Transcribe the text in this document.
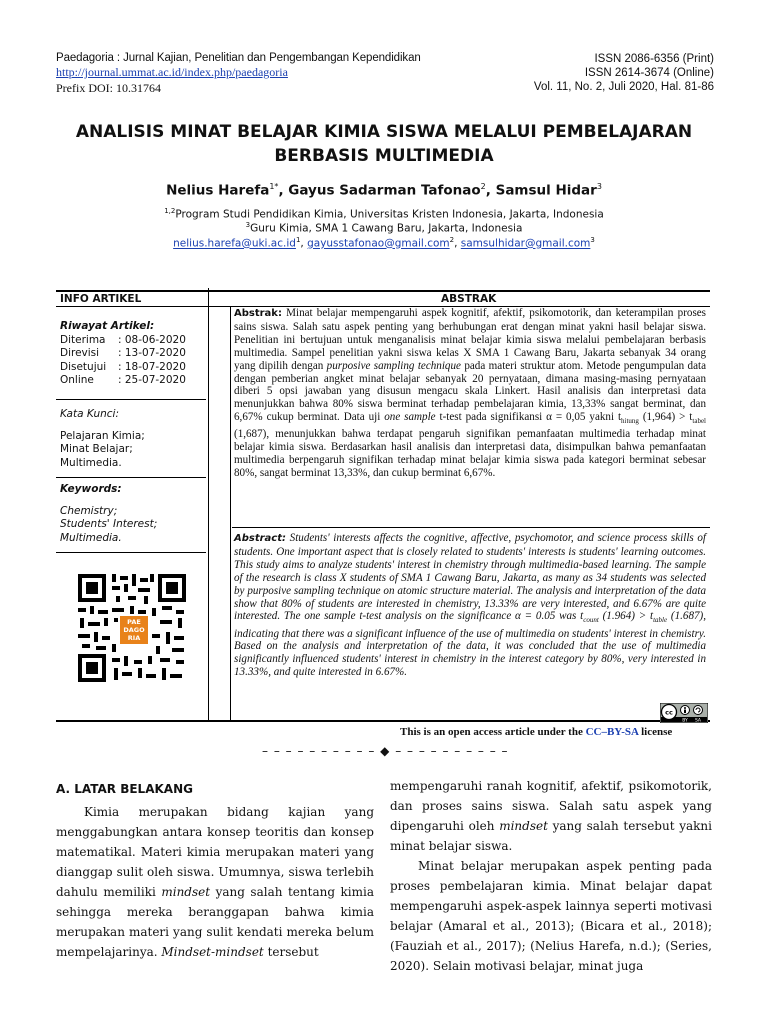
Paedagoria : Jurnal Kajian, Penelitian dan Pengembangan Kependidikan
http://journal.ummat.ac.id/index.php/paedagoria
Prefix DOI: 10.31764
ISSN 2086-6356 (Print)
ISSN 2614-3674 (Online)
Vol. 11, No. 2, Juli 2020, Hal. 81-86
ANALISIS MINAT BELAJAR KIMIA SISWA MELALUI PEMBELAJARAN
BERBASIS MULTIMEDIA
Nelius Harefa$^{1*}$, Gayus Sadarman Tafonao$^2$, Samsul Hidar$^3$
$^{1,2}$Program Studi Pendidikan Kimia, Universitas Kristen Indonesia, Jakarta, Indonesia
$^3$Guru Kimia, SMA 1 Cawang Baru, Jakarta, Indonesia
$nelius.harefa@uki.ac.id^1$, gayusstafonao@gmail.com$^2$, samsulhidar@gmail.com$^3$
INFO ARTIKEL	ABSTRAK
Riwayat Artikel:
Diterima	: 08-06-2020
Direvisi	: 13-07-2020
Disetujui	: 18-07-2020
Online	: 25-07-2020
Kata Kunci:
Pelajaran Kimia;
Minat Belajar;
Multimedia.
Keywords:
Chemistry;
Students' Interest;
Multimedia.
PAE
DAGO
RIA
Abstrak: Minat belajar mempengaruhi aspek kognitif, afektif, psikomotorik, dan keterampilan proses sains siswa. Salah satu aspek penting yang berhubungan erat dengan minat yakni hasil belajar siswa. Penelitian ini bertujuan untuk menganalisis minat belajar kimia siswa melalui pembelajaran berbasis multimedia. Sampel penelitian yakni siswa kelas X SMA 1 Cawang Baru, Jakarta sebanyak 34 orang yang dipilih dengan purposive sampling technique pada materi struktur atom. Metode pengumpulan data dengan pemberian angket minat belajar sebanyak 20 pernyataan, dimana masing-masing pernyataan diberi 5 opsi jawaban yang disusun mengacu skala Linkert. Hasil analisis dan interpretasi data menunjukkan bahwa 80% siswa berminat terhadap pembelajaran kimia, 13,33% sangat berminat, dan 6,67% cukup berminat. Data uji one sample t-test pada signifikansi α = 0,05 yakni $t_{hitung}$ $(1,964) > t_{tabel}$ (1,687), menunjukkan bahwa terdapat pengaruh signifikan pemanfaatan multimedia terhadap minat belajar kimia siswa. Berdasarkan hasil analisis dan interpretasi data, disimpulkan bahwa pemanfaatan multimedia berpengaruh signifikan terhadap minat belajar kimia siswa pada kategori berminat sebesar 80%, sangat berminat 13,33%, dan cukup berminat 6,67%.
Abstract: Students' interests affects the cognitive, affective, psychomotor, and science process skills of students. One important aspect that is closely related to students' interests is students' learning outcomes. This study aims to analyze students' interest in chemistry through multimedia-based learning. The sample of the research is class X students of SMA 1 Cawang Baru, Jakarta, as many as 34 students was selected by purposive sampling technique on atomic structure material. The analysis and interpretation of the data show that 80% of students are interested in chemistry, 13.33% are very interested, and 6.67% are quite interested. The one sample t-test analysis on the significance α = 0.05 was $t_{count}$ $(1.964) > t_{table}$ (1.687), indicating that there was a significant influence of the use of multimedia on students' interest in chemistry. Based on the analysis and interpretation of the data, it was concluded that the use of multimedia significantly influenced students' interest in chemistry in the interest category by 80%, very interested in 13.33%, and quite interested in 6.67%.
cc
BY SA
This is an open access article under the CC–BY-SA license
– – – – – – – – – – ◆ – – – – – – – – – –
A. LATAR BELAKANG
Kimia merupakan bidang kajian yang menggabungkan antara konsep teoritis dan konsep matematikal. Materi kimia merupakan materi yang dianggap sulit oleh siswa. Umumnya, siswa terlebih dahulu memiliki mindset yang salah tentang kimia sehingga mereka beranggapan bahwa kimia merupakan materi yang sulit kendati mereka belum mempelajarinya. Mindset-mindset tersebut
mempengaruhi ranah kognitif, afektif, psikomotorik, dan proses sains siswa. Salah satu aspek yang dipengaruhi oleh mindset yang salah tersebut yakni minat belajar siswa.
Minat belajar merupakan aspek penting pada proses pembelajaran kimia. Minat belajar dapat mempengaruhi aspek-aspek lainnya seperti motivasi belajar (Amaral et al., 2013); (Bicara et al., 2018); (Fauziah et al., 2017); (Nelius Harefa, n.d.); (Series, 2020). Selain motivasi belajar, minat juga
